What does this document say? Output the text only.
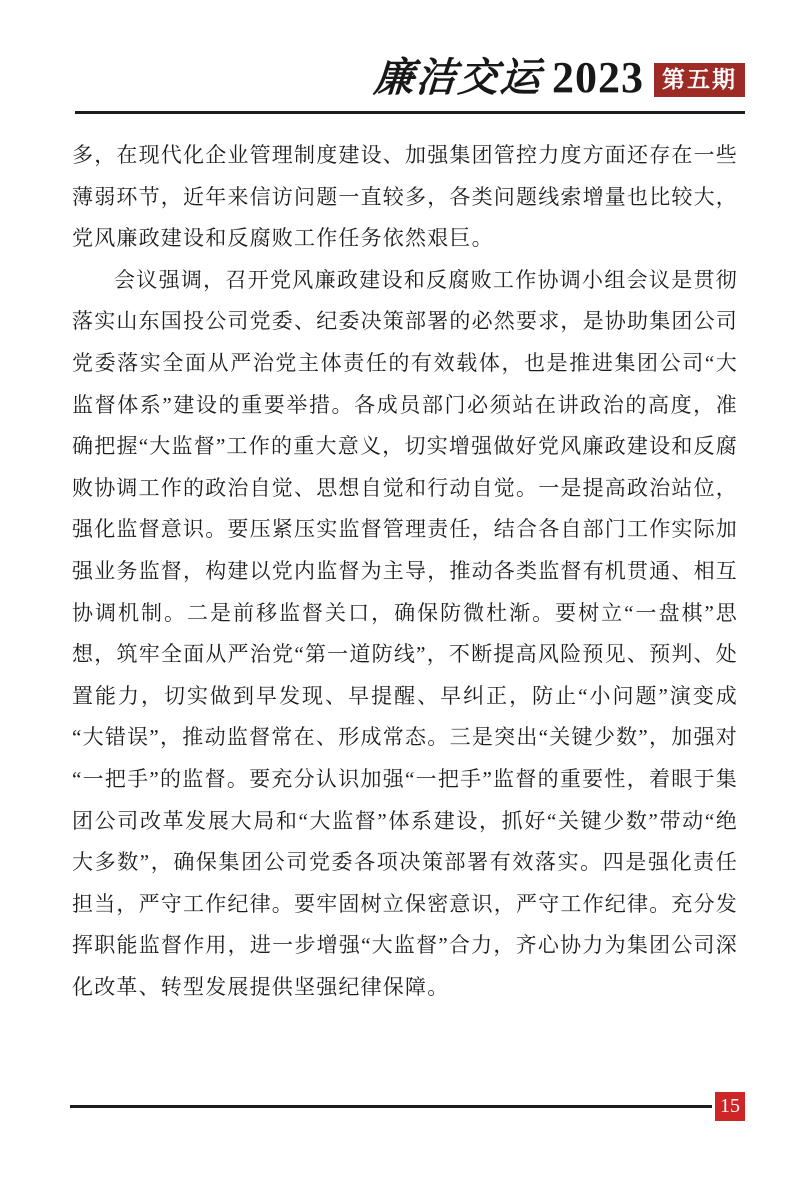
廉洁交运 2023 第五期

多，在现代化企业管理制度建设、加强集团管控力度方面还存在一些薄弱环节，近年来信访问题一直较多，各类问题线索增量也比较大，党风廉政建设和反腐败工作任务依然艰巨。

会议强调，召开党风廉政建设和反腐败工作协调小组会议是贯彻落实山东国投公司党委、纪委决策部署的必然要求，是协助集团公司党委落实全面从严治党主体责任的有效载体，也是推进集团公司“大监督体系”建设的重要举措。各成员部门必须站在讲政治的高度，准确把握“大监督”工作的重大意义，切实增强做好党风廉政建设和反腐败协调工作的政治自觉、思想自觉和行动自觉。一是提高政治站位，强化监督意识。要压紧压实监督管理责任，结合各自部门工作实际加强业务监督，构建以党内监督为主导，推动各类监督有机贯通、相互协调机制。二是前移监督关口，确保防微杜渐。要树立“一盘棋”思想，筑牢全面从严治党“第一道防线”，不断提高风险预见、预判、处置能力，切实做到早发现、早提醒、早纠正，防止“小问题”演变成“大错误”，推动监督常在、形成常态。三是突出“关键少数”，加强对“一把手”的监督。要充分认识加强“一把手”监督的重要性，着眼于集团公司改革发展大局和“大监督”体系建设，抓好“关键少数”带动“绝大多数”，确保集团公司党委各项决策部署有效落实。四是强化责任担当，严守工作纪律。要牢固树立保密意识，严守工作纪律。充分发挥职能监督作用，进一步增强“大监督”合力，齐心协力为集团公司深化改革、转型发展提供坚强纪律保障。

15
